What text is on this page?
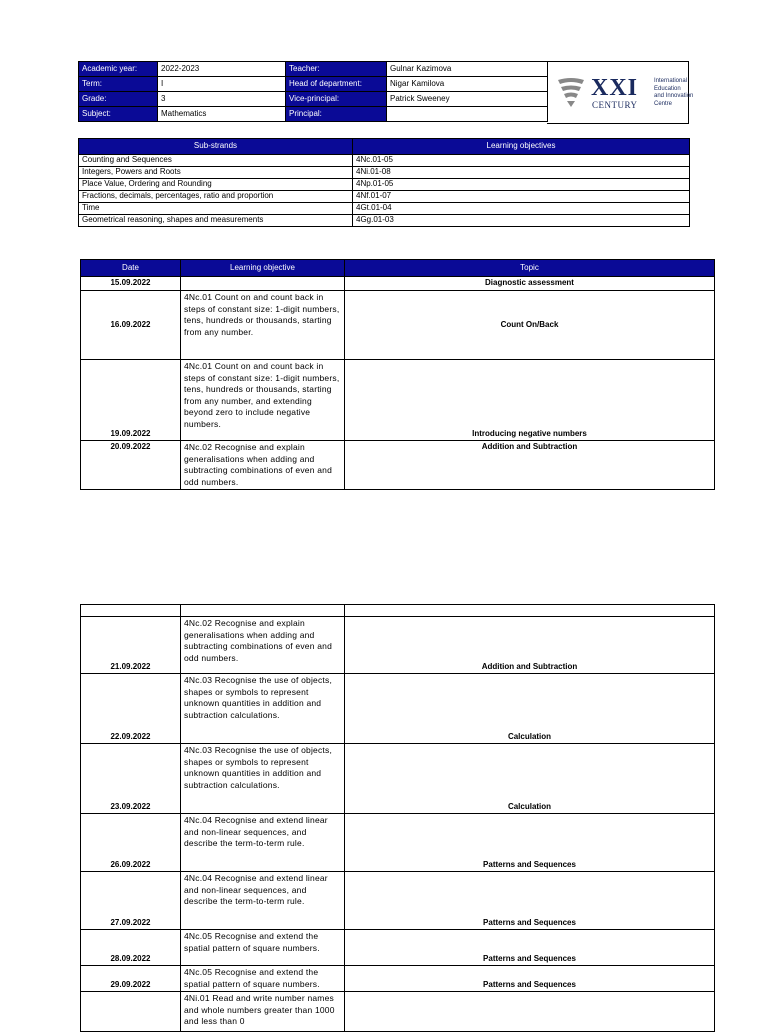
Academic year:	2022-2023	Teacher:	Gulnar Kazimova
Term:	I	Head of department:	Nigar Kamilova
Grade:	3	Vice-principal:	Patrick Sweeney
Subject:	Mathematics	Principal:	
XXI
CENTURY
International
Education
and Innovation
Centre
Sub-strands	Learning objectives
Counting and Sequences	4Nc.01-05
Integers, Powers and Roots	4Ni.01-08
Place Value, Ordering and Rounding	4Np.01-05
Fractions, decimals, percentages, ratio and proportion	4Nf.01-07
Time	4Gt.01-04
Geometrical reasoning, shapes and measurements	4Gg.01-03
Date	Learning objective	Topic
15.09.2022		Diagnostic assessment
16.09.2022	4Nc.01 Count on and count back in steps of constant size: 1-digit numbers, tens, hundreds or thousands, starting from any number.	Count On/Back
19.09.2022	4Nc.01 Count on and count back in steps of constant size: 1-digit numbers, tens, hundreds or thousands, starting from any number, and extending beyond zero to include negative numbers.	Introducing negative numbers
20.09.2022	4Nc.02 Recognise and explain generalisations when adding and subtracting combinations of even and odd numbers.	Addition and Subtraction

21.09.2022	4Nc.02 Recognise and explain generalisations when adding and subtracting combinations of even and odd numbers.	Addition and Subtraction
22.09.2022	4Nc.03 Recognise the use of objects, shapes or symbols to represent unknown quantities in addition and subtraction calculations.	Calculation
23.09.2022	4Nc.03 Recognise the use of objects, shapes or symbols to represent unknown quantities in addition and subtraction calculations.	Calculation
26.09.2022	4Nc.04 Recognise and extend linear and non-linear sequences, and describe the term-to-term rule.	Patterns and Sequences
27.09.2022	4Nc.04 Recognise and extend linear and non-linear sequences, and describe the term-to-term rule.	Patterns and Sequences
28.09.2022	4Nc.05 Recognise and extend the spatial pattern of square numbers.	Patterns and Sequences
29.09.2022	4Nc.05 Recognise and extend the spatial pattern of square numbers.	Patterns and Sequences
	4Ni.01 Read and write number names and whole numbers greater than 1000 and less than 0	
